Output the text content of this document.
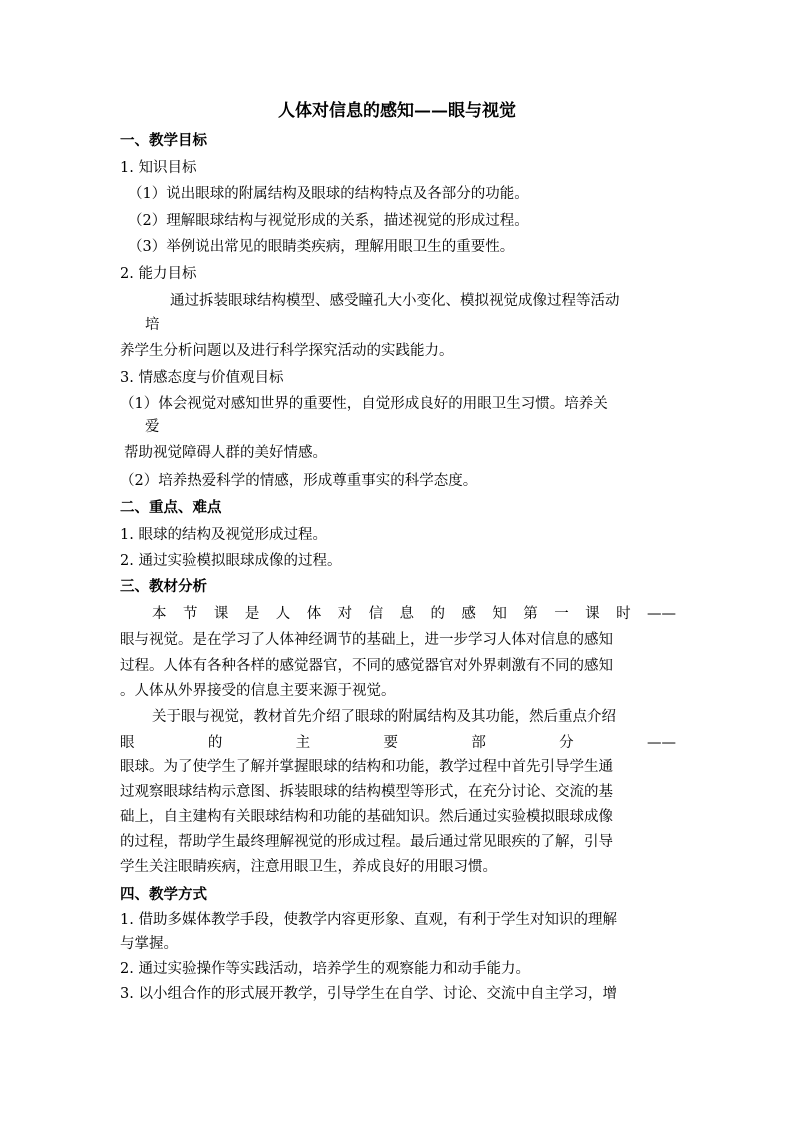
人体对信息的感知——眼与视觉
一、教学目标
1. 知识目标
（1）说出眼球的附属结构及眼球的结构特点及各部分的功能。
（2）理解眼球结构与视觉形成的关系，描述视觉的形成过程。
（3）举例说出常见的眼睛类疾病，理解用眼卫生的重要性。
2. 能力目标
通过拆装眼球结构模型、感受瞳孔大小变化、模拟视觉成像过程等活动
培
养学生分析问题以及进行科学探究活动的实践能力。
3. 情感态度与价值观目标
（1）体会视觉对感知世界的重要性，自觉形成良好的用眼卫生习惯。培养关
爱
帮助视觉障碍人群的美好情感。
（2）培养热爱科学的情感，形成尊重事实的科学态度。
二、重点、难点
1. 眼球的结构及视觉形成过程。
2. 通过实验模拟眼球成像的过程。
三、教材分析
本 节 课 是 人 体 对 信 息 的 感 知 第 一 课 时 ——
眼与视觉。是在学习了人体神经调节的基础上，进一步学习人体对信息的感知
过程。人体有各种各样的感觉器官，不同的感觉器官对外界刺激有不同的感知
。人体从外界接受的信息主要来源于视觉。
关于眼与视觉，教材首先介绍了眼球的附属结构及其功能，然后重点介绍
眼	的	主	要	部	分	——
眼球。为了使学生了解并掌握眼球的结构和功能，教学过程中首先引导学生通
过观察眼球结构示意图、拆装眼球的结构模型等形式，在充分讨论、交流的基
础上，自主建构有关眼球结构和功能的基础知识。然后通过实验模拟眼球成像
的过程，帮助学生最终理解视觉的形成过程。最后通过常见眼疾的了解，引导
学生关注眼睛疾病，注意用眼卫生，养成良好的用眼习惯。
四、教学方式
1. 借助多媒体教学手段，使教学内容更形象、直观，有利于学生对知识的理解
与掌握。
2. 通过实验操作等实践活动，培养学生的观察能力和动手能力。
3. 以小组合作的形式展开教学，引导学生在自学、讨论、交流中自主学习，增
